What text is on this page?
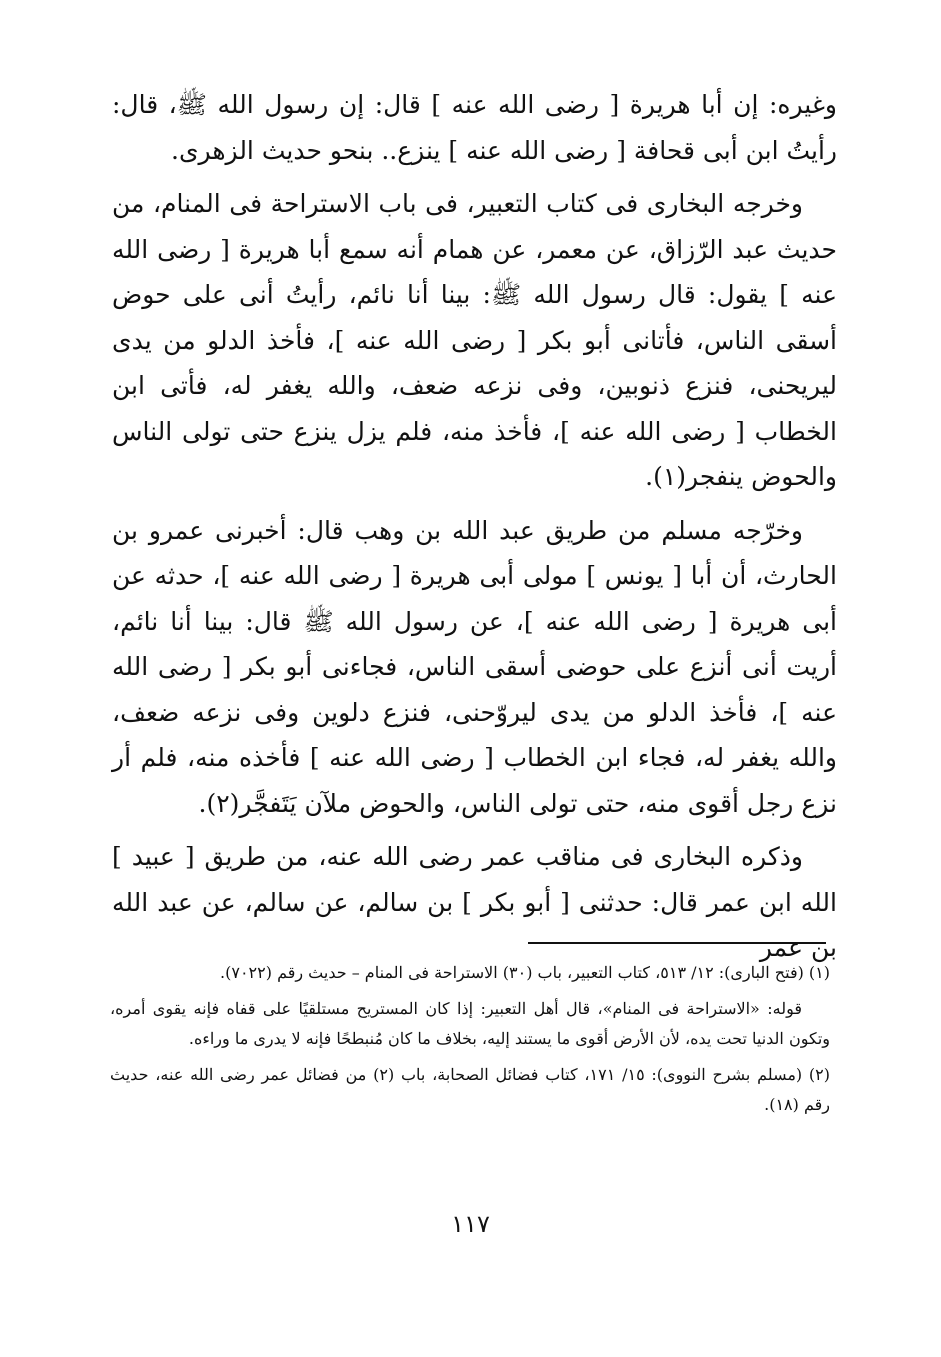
وغيره: إن أبا هريرة [ رضى الله عنه ] قال: إن رسول الله ﷺ، قال: رأيتُ ابن أبى قحافة [ رضى الله عنه ] ينزع.. بنحو حديث الزهرى.

وخرجه البخارى فى كتاب التعبير، فى باب الاستراحة فى المنام، من حديث عبد الرّزاق، عن معمر، عن همام أنه سمع أبا هريرة [ رضى الله عنه ] يقول: قال رسول الله ﷺ: بينا أنا نائم، رأيتُ أنى على حوض أسقى الناس، فأتانى أبو بكر [ رضى الله عنه ]، فأخذ الدلو من يدى ليريحنى، فنزع ذنوبين، وفى نزعه ضعف، والله يغفر له، فأتى ابن الخطاب [ رضى الله عنه ]، فأخذ منه، فلم يزل ينزع حتى تولى الناس والحوض ينفجر(١).

وخرّجه مسلم من طريق عبد الله بن وهب قال: أخبرنى عمرو بن الحارث، أن أبا [ يونس ] مولى أبى هريرة [ رضى الله عنه ]، حدثه عن أبى هريرة [ رضى الله عنه ]، عن رسول الله ﷺ قال: بينا أنا نائم، أريت أنى أنزع على حوضى أسقى الناس، فجاءنى أبو بكر [ رضى الله عنه ]، فأخذ الدلو من يدى ليروّحنى، فنزع دلوين وفى نزعه ضعف، والله يغفر له، فجاء ابن الخطاب [ رضى الله عنه ] فأخذه منه، فلم أر نزع رجل أقوى منه، حتى تولى الناس، والحوض ملآن يَتَفجَّر(٢).

وذكره البخارى فى مناقب عمر رضى الله عنه، من طريق [ عبيد ] الله ابن عمر قال: حدثنى [ أبو بكر ] بن سالم، عن سالم، عن عبد الله بن عمر

(١) (فتح البارى): ١٢/ ٥١٣، كتاب التعبير، باب (٣٠) الاستراحة فى المنام – حديث رقم (٧٠٢٢).

قوله: «الاستراحة فى المنام»، قال أهل التعبير: إذا كان المستريح مستلقيًا على قفاه فإنه يقوى أمره، وتكون الدنيا تحت يده، لأن الأرض أقوى ما يستند إليه، بخلاف ما كان مُنبطحًا فإنه لا يدرى ما وراءه.

(٢) (مسلم بشرح النووى): ١٥/ ١٧١، كتاب فضائل الصحابة، باب (٢) من فضائل عمر رضى الله عنه، حديث رقم (١٨).

١١٧
